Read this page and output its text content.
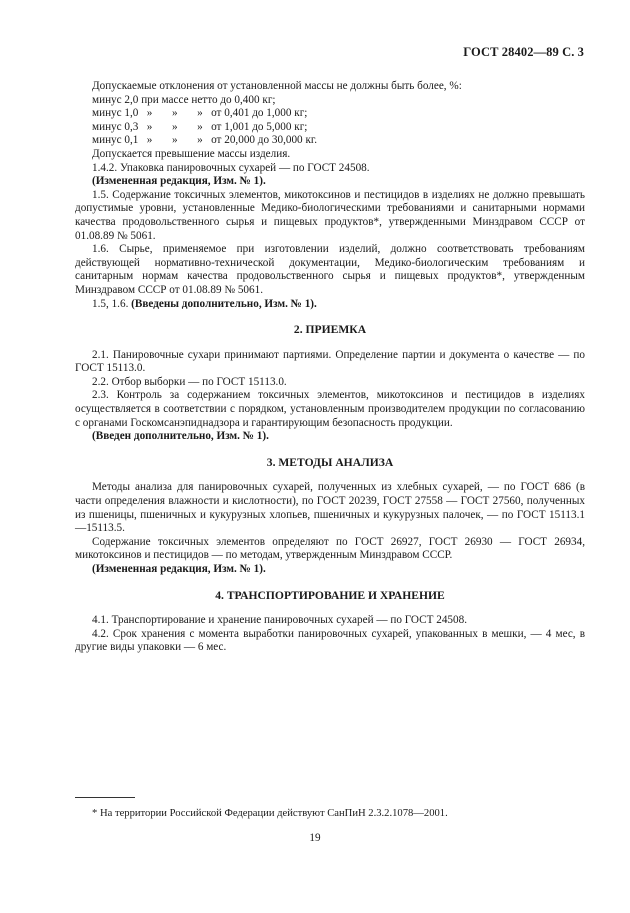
ГОСТ 28402—89 С. 3

Допускаемые отклонения от установленной массы не должны быть более, %:

минус 2,0 при массе нетто до 0,400 кг;

минус 1,0   »       »       »   от 0,401 до 1,000 кг;

минус 0,3   »       »       »   от 1,001 до 5,000 кг;

минус 0,1   »       »       »   от 20,000 до 30,000 кг.

Допускается превышение массы изделия.

1.4.2. Упаковка панировочных сухарей — по ГОСТ 24508.

(Измененная редакция, Изм. № 1).

1.5. Содержание токсичных элементов, микотоксинов и пестицидов в изделиях не должно превышать допустимые уровни, установленные Медико-биологическими требованиями и санитарными нормами качества продовольственного сырья и пищевых продуктов*, утвержденными Минздравом СССР от 01.08.89 № 5061.

1.6. Сырье, применяемое при изготовлении изделий, должно соответствовать требованиям действующей нормативно-технической документации, Медико-биологическим требованиям и санитарным нормам качества продовольственного сырья и пищевых продуктов*, утвержденным Минздравом СССР от 01.08.89 № 5061.

1.5, 1.6. (Введены дополнительно, Изм. № 1).

2. ПРИЕМКА

2.1. Панировочные сухари принимают партиями. Определение партии и документа о качестве — по ГОСТ 15113.0.

2.2. Отбор выборки — по ГОСТ 15113.0.

2.3. Контроль за содержанием токсичных элементов, микотоксинов и пестицидов в изделиях осуществляется в соответствии с порядком, установленным производителем продукции по согласованию с органами Госкомсанэпиднадзора и гарантирующим безопасность продукции.

(Введен дополнительно, Изм. № 1).

3. МЕТОДЫ АНАЛИЗА

Методы анализа для панировочных сухарей, полученных из хлебных сухарей, — по ГОСТ 686 (в части определения влажности и кислотности), по ГОСТ 20239, ГОСТ 27558 — ГОСТ 27560, полученных из пшеницы, пшеничных и кукурузных хлопьев, пшеничных и кукурузных палочек, — по ГОСТ 15113.1—15113.5.

Содержание токсичных элементов определяют по ГОСТ 26927, ГОСТ 26930 — ГОСТ 26934, микотоксинов и пестицидов — по методам, утвержденным Минздравом СССР.

(Измененная редакция, Изм. № 1).

4. ТРАНСПОРТИРОВАНИЕ И ХРАНЕНИЕ

4.1. Транспортирование и хранение панировочных сухарей — по ГОСТ 24508.

4.2. Срок хранения с момента выработки панировочных сухарей, упакованных в мешки, — 4 мес, в другие виды упаковки — 6 мес.

* На территории Российской Федерации действуют СанПиН 2.3.2.1078—2001.
19
